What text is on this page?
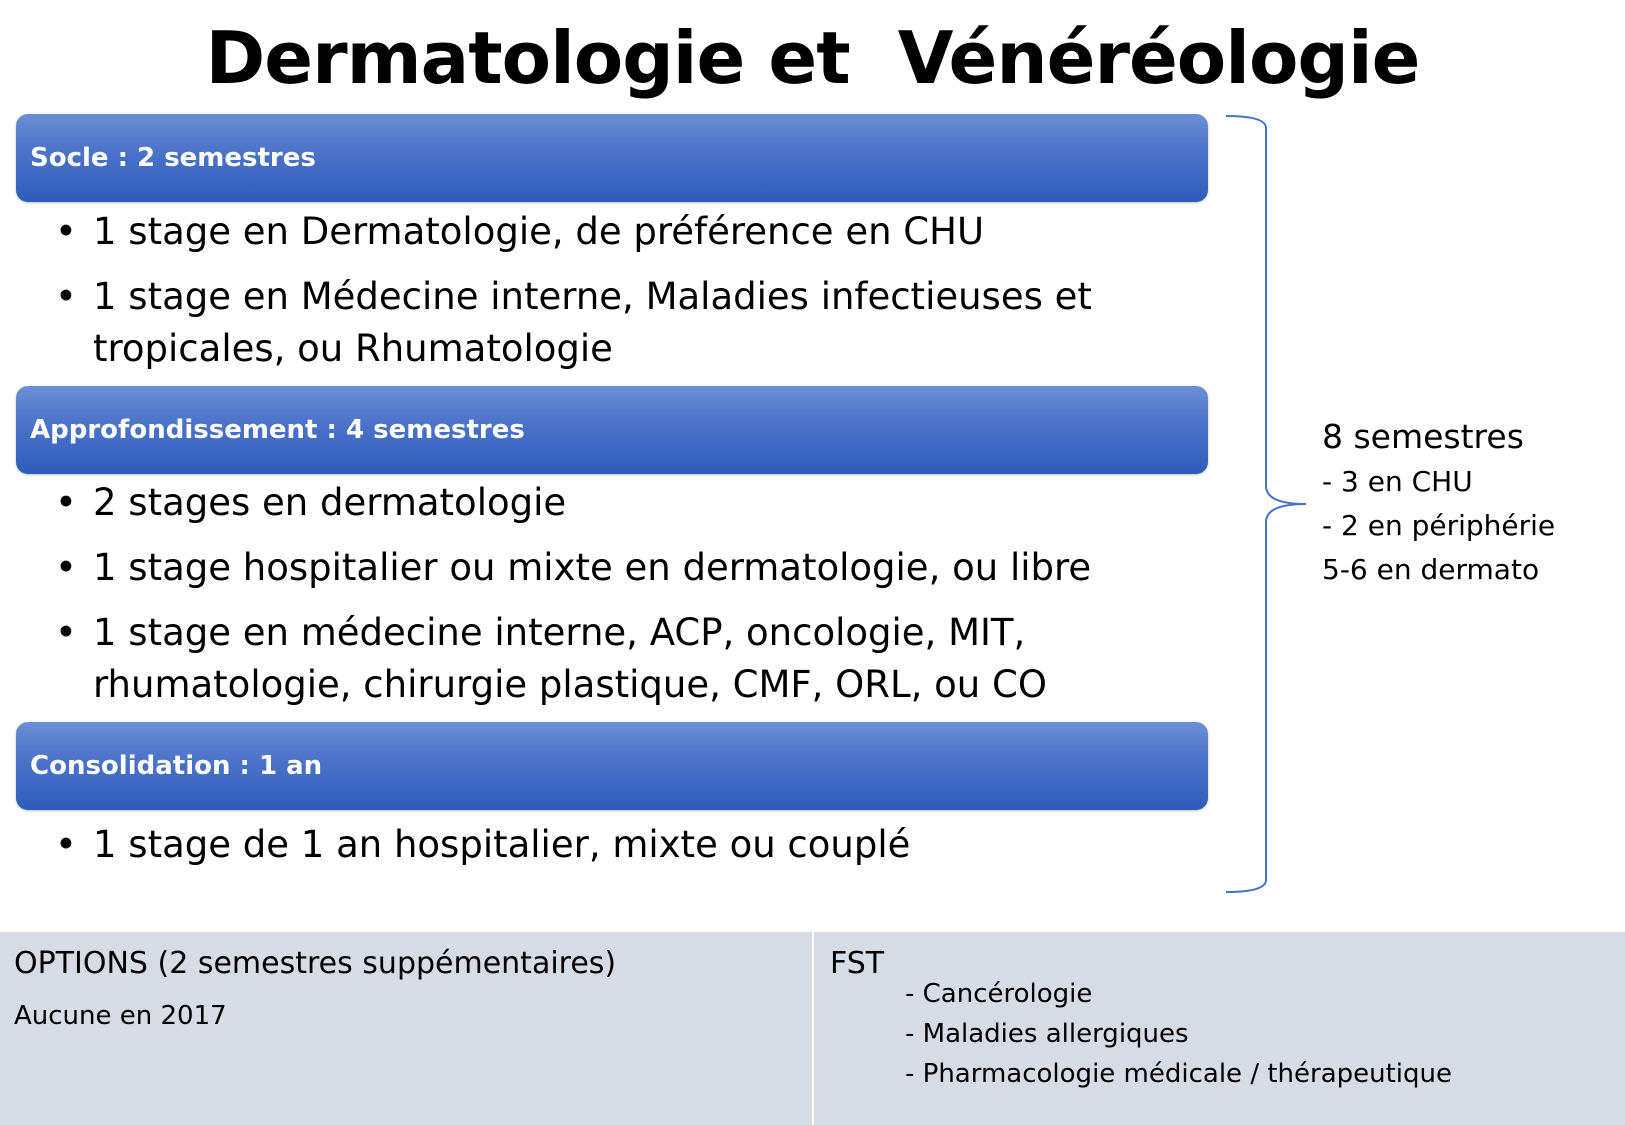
Dermatologie et  Vénéréologie
Socle : 2 semestres
• 1 stage en Dermatologie, de préférence en CHU
• 1 stage en Médecine interne, Maladies infectieuses et tropicales, ou Rhumatologie
Approfondissement : 4 semestres
• 2 stages en dermatologie
• 1 stage hospitalier ou mixte en dermatologie, ou libre
• 1 stage en médecine interne, ACP, oncologie, MIT, rhumatologie, chirurgie plastique, CMF, ORL, ou CO
Consolidation : 1 an
• 1 stage de 1 an hospitalier, mixte ou couplé
8 semestres
- 3 en CHU
- 2 en périphérie
5-6 en dermato
OPTIONS (2 semestres suppémentaires)
Aucune en 2017
FST
- Cancérologie
- Maladies allergiques
- Pharmacologie médicale / thérapeutique
